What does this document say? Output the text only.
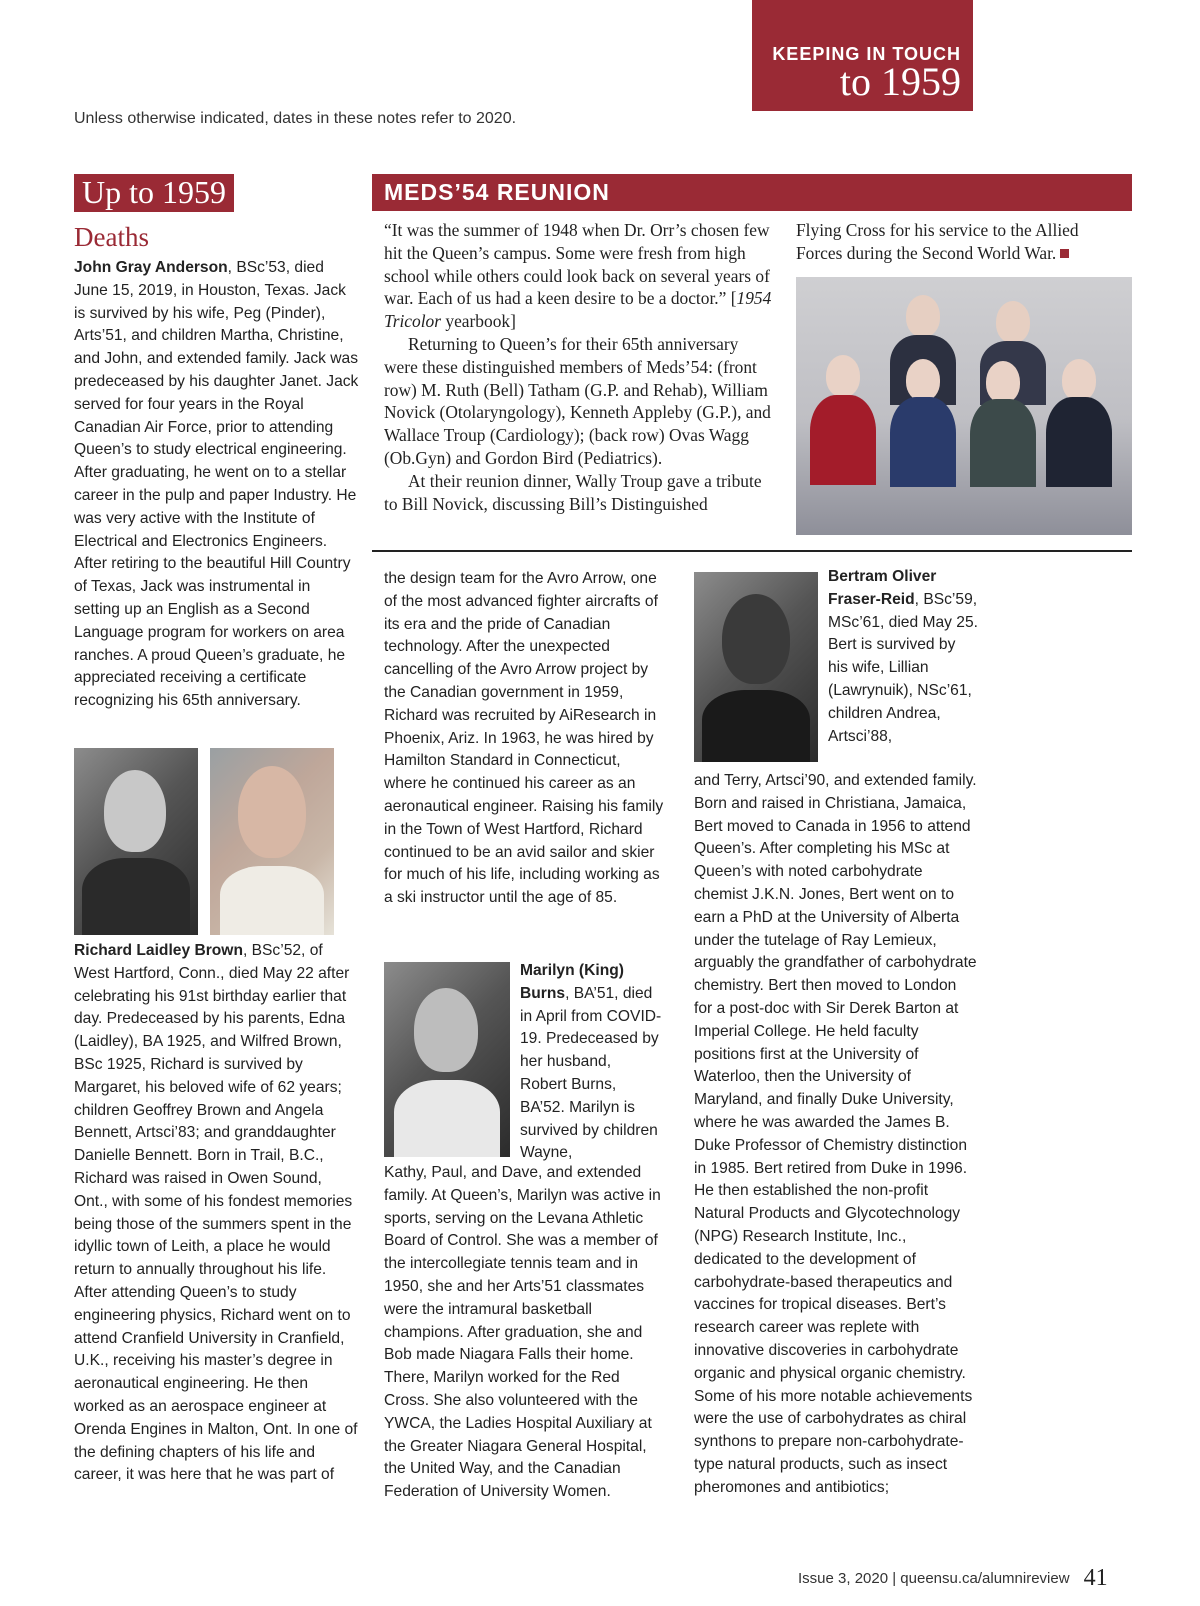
KEEPING IN TOUCH
to 1959
Unless otherwise indicated, dates in these notes refer to 2020.
Up to 1959	MEDS’54 REUNION
Deaths
John Gray Anderson, BSc’53, died June 15, 2019, in Houston, Texas. Jack is survived by his wife, Peg (Pinder), Arts’51, and children Martha, Christine, and John, and extended family. Jack was predeceased by his daughter Janet. Jack served for four years in the Royal Canadian Air Force, prior to attending Queen’s to study electrical engineering. After graduating, he went on to a stellar career in the pulp and paper Industry. He was very active with the Institute of Electrical and Electronics Engineers. After retiring to the beautiful Hill Country of Texas, Jack was instrumental in setting up an English as a Second Language program for workers on area ranches. A proud Queen’s graduate, he appreciated receiving a certificate recognizing his 65th anniversary.
Richard Laidley Brown, BSc’52, of West Hartford, Conn., died May 22 after celebrating his 91st birthday earlier that day. Predeceased by his parents, Edna (Laidley), BA 1925, and Wilfred Brown, BSc 1925, Richard is survived by Margaret, his beloved wife of 62 years; children Geoffrey Brown and Angela Bennett, Artsci’83; and granddaughter Danielle Bennett. Born in Trail, B.C., Richard was raised in Owen Sound, Ont., with some of his fondest memories being those of the summers spent in the idyllic town of Leith, a place he would return to annually throughout his life. After attending Queen’s to study engineering physics, Richard went on to attend Cranfield University in Cranfield, U.K., receiving his master’s degree in aeronautical engineering. He then worked as an aerospace engineer at Orenda Engines in Malton, Ont. In one of the defining chapters of his life and career, it was here that he was part of

“It was the summer of 1948 when Dr. Orr’s chosen few hit the Queen’s campus. Some were fresh from high school while others could look back on several years of war. Each of us had a keen desire to be a doctor.” [1954 Tricolor yearbook]

Returning to Queen’s for their 65th anniversary were these distinguished members of Meds’54: (front row) M. Ruth (Bell) Tatham (G.P. and Rehab), William Novick (Otolaryngology), Kenneth Appleby (G.P.), and Wallace Troup (Cardiology); (back row) Ovas Wagg (Ob.Gyn) and Gordon Bird (Pediatrics).

At their reunion dinner, Wally Troup gave a tribute to Bill Novick, discussing Bill’s Distinguished

Flying Cross for his service to the Allied Forces during the Second World War.
the design team for the Avro Arrow, one of the most advanced fighter aircrafts of its era and the pride of Canadian technology. After the unexpected cancelling of the Avro Arrow project by the Canadian government in 1959, Richard was recruited by AiResearch in Phoenix, Ariz. In 1963, he was hired by Hamilton Standard in Connecticut, where he continued his career as an aeronautical engineer. Raising his family in the Town of West Hartford, Richard continued to be an avid sailor and skier for much of his life, including working as a ski instructor until the age of 85.
Marilyn (King) Burns, BA’51, died in April from COVID-19. Predeceased by her husband, Robert Burns, BA’52. Marilyn is survived by children Wayne,
Kathy, Paul, and Dave, and extended family. At Queen’s, Marilyn was active in sports, serving on the Levana Athletic Board of Control. She was a member of the intercollegiate tennis team and in 1950, she and her Arts’51 classmates were the intramural basketball champions. After graduation, she and Bob made Niagara Falls their home. There, Marilyn worked for the Red Cross. She also volunteered with the YWCA, the Ladies Hospital Auxiliary at the Greater Niagara General Hospital, the United Way, and the Canadian Federation of University Women.
Bertram Oliver Fraser-Reid, BSc’59, MSc’61, died May 25. Bert is survived by his wife, Lillian (Lawrynuik), NSc’61, children Andrea, Artsci’88,
and Terry, Artsci’90, and extended family. Born and raised in Christiana, Jamaica, Bert moved to Canada in 1956 to attend Queen’s. After completing his MSc at Queen’s with noted carbohydrate chemist J.K.N. Jones, Bert went on to earn a PhD at the University of Alberta under the tutelage of Ray Lemieux, arguably the grandfather of carbohydrate chemistry. Bert then moved to London for a post-doc with Sir Derek Barton at Imperial College. He held faculty positions first at the University of Waterloo, then the University of Maryland, and finally Duke University, where he was awarded the James B. Duke Professor of Chemistry distinction in 1985. Bert retired from Duke in 1996. He then established the non-profit Natural Products and Glycotechnology (NPG) Research Institute, Inc., dedicated to the development of carbohydrate-based therapeutics and vaccines for tropical diseases. Bert’s research career was replete with innovative discoveries in carbohydrate organic and physical organic chemistry. Some of his more notable achievements were the use of carbohydrates as chiral synthons to prepare non-carbohydrate-type natural products, such as insect pheromones and antibiotics;
Issue 3, 2020 | queensu.ca/alumnireview 41
